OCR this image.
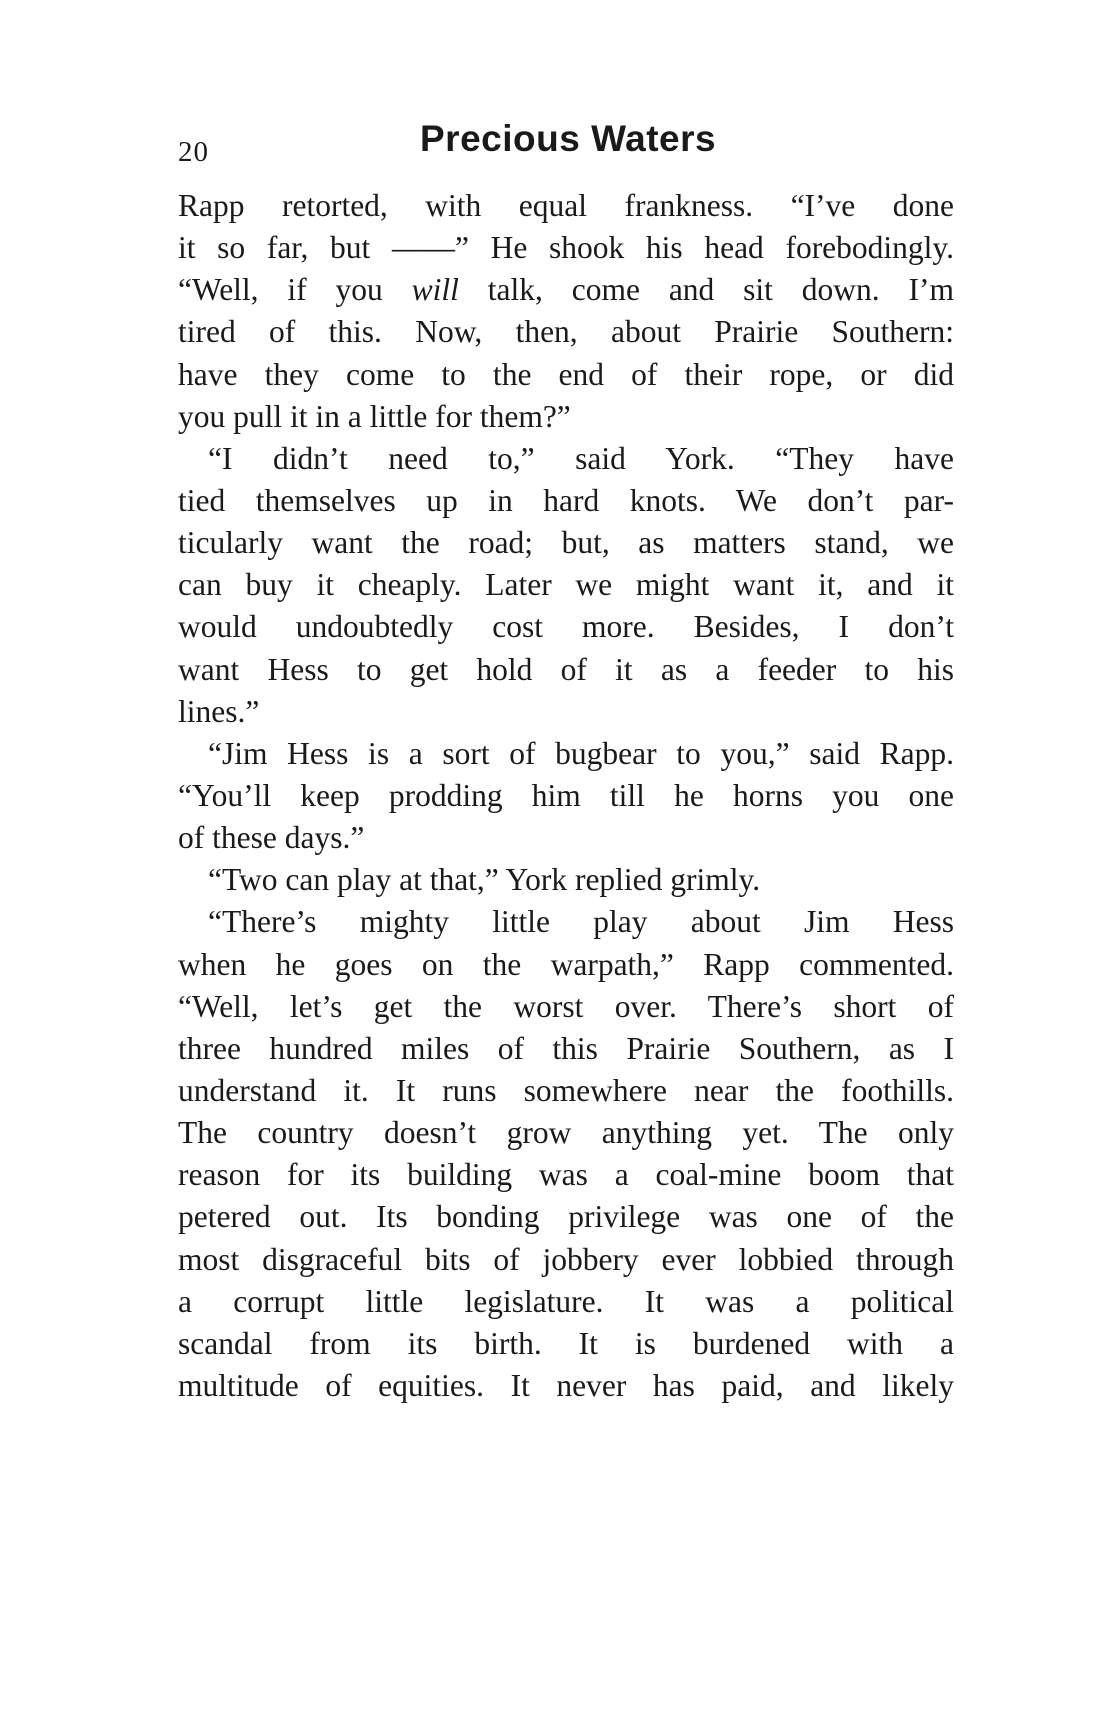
20	Precious Waters
Rapp retorted, with equal frankness. “I’ve done
it so far, but ——” He shook his head forebodingly.
“Well, if you will talk, come and sit down. I’m
tired of this. Now, then, about Prairie Southern:
have they come to the end of their rope, or did
you pull it in a little for them?”
“I didn’t need to,” said York. “They have
tied themselves up in hard knots. We don’t par-
ticularly want the road; but, as matters stand, we
can buy it cheaply. Later we might want it, and it
would undoubtedly cost more. Besides, I don’t
want Hess to get hold of it as a feeder to his
lines.”
“Jim Hess is a sort of bugbear to you,” said Rapp.
“You’ll keep prodding him till he horns you one
of these days.”
“Two can play at that,” York replied grimly.
“There’s mighty little play about Jim Hess
when he goes on the warpath,” Rapp commented.
“Well, let’s get the worst over. There’s short of
three hundred miles of this Prairie Southern, as I
understand it. It runs somewhere near the foothills.
The country doesn’t grow anything yet. The only
reason for its building was a coal-mine boom that
petered out. Its bonding privilege was one of the
most disgraceful bits of jobbery ever lobbied through
a corrupt little legislature. It was a political
scandal from its birth. It is burdened with a
multitude of equities. It never has paid, and likely
